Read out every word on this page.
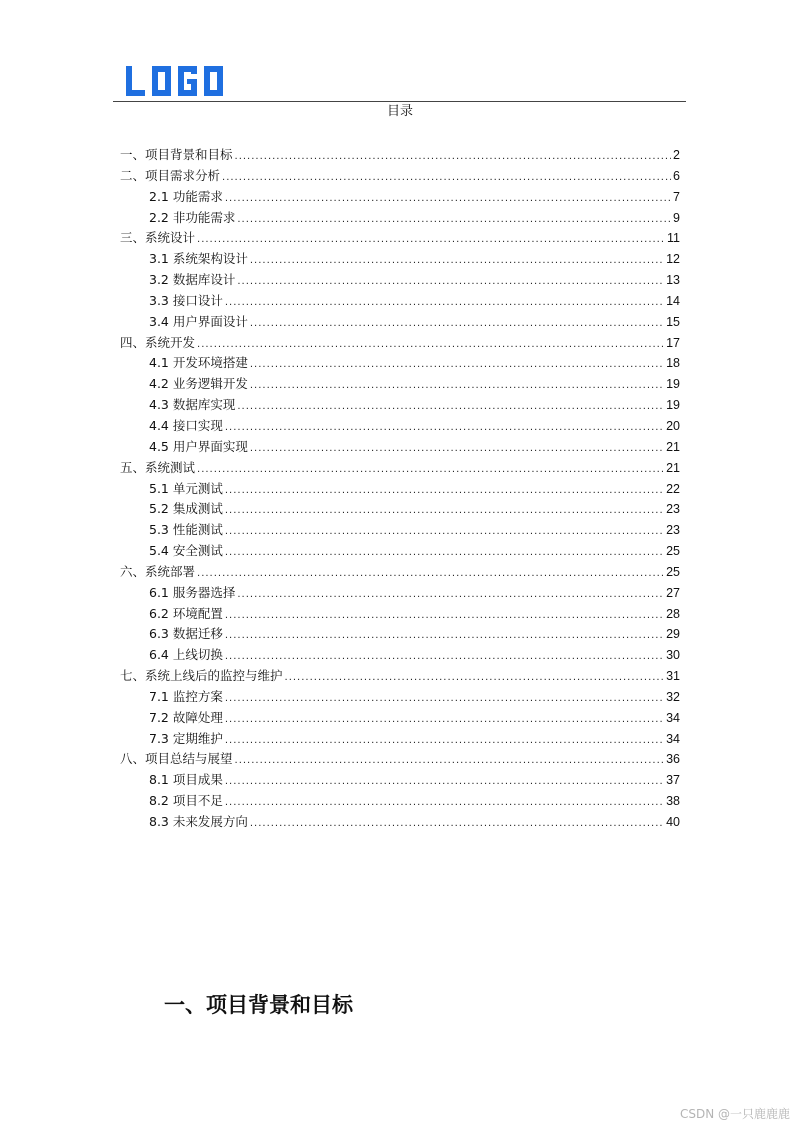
目录
一、项目背景和目标 .....	2
二、项目需求分析 .....	6
2.1 功能需求 .....	7
2.2 非功能需求 .....	9
三、系统设计 .....	11
3.1 系统架构设计 .....	12
3.2 数据库设计 .....	13
3.3 接口设计 .....	14
3.4 用户界面设计 .....	15
四、系统开发 .....	17
4.1 开发环境搭建 .....	18
4.2 业务逻辑开发 .....	19
4.3 数据库实现 .....	19
4.4 接口实现 .....	20
4.5 用户界面实现 .....	21
五、系统测试 .....	21
5.1 单元测试 .....	22
5.2 集成测试 .....	23
5.3 性能测试 .....	23
5.4 安全测试 .....	25
六、系统部署 .....	25
6.1 服务器选择 .....	27
6.2 环境配置 .....	28
6.3 数据迁移 .....	29
6.4 上线切换 .....	30
七、系统上线后的监控与维护 .....	31
7.1 监控方案 .....	32
7.2 故障处理 .....	34
7.3 定期维护 .....	34
八、项目总结与展望 .....	36
8.1 项目成果 .....	37
8.2 项目不足 .....	38
8.3 未来发展方向 .....	40
一、项目背景和目标
CSDN @一只鹿鹿鹿
